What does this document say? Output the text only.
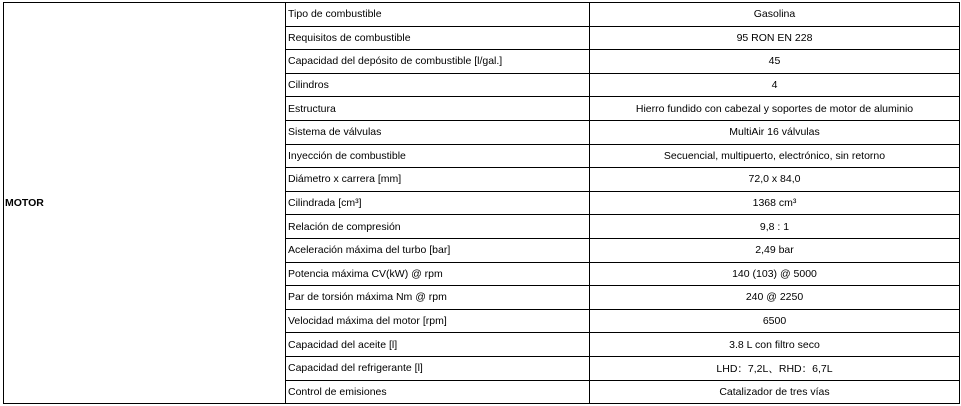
MOTOR	Tipo de combustible	Gasolina
	Requisitos de combustible	95 RON EN 228
	Capacidad del depósito de combustible [l/gal.]	45
	Cilindros	4
	Estructura	Hierro fundido con cabezal y soportes de motor de aluminio
	Sistema de válvulas	MultiAir 16 válvulas
	Inyección de combustible	Secuencial, multipuerto, electrónico, sin retorno
	Diámetro x carrera [mm]	72,0 x 84,0
	Cilindrada [cm³]	1368 cm³
	Relación de compresión	9,8 : 1
	Aceleración máxima del turbo [bar]	2,49 bar
	Potencia máxima CV(kW) @ rpm	140 (103) @ 5000
	Par de torsión máxima Nm @ rpm	240 @ 2250
	Velocidad máxima del motor [rpm]	6500
	Capacidad del aceite [l]	3.8 L con filtro seco
	Capacidad del refrigerante [l]	LHD：7,2L、RHD：6,7L
	Control de emisiones	Catalizador de tres vías
